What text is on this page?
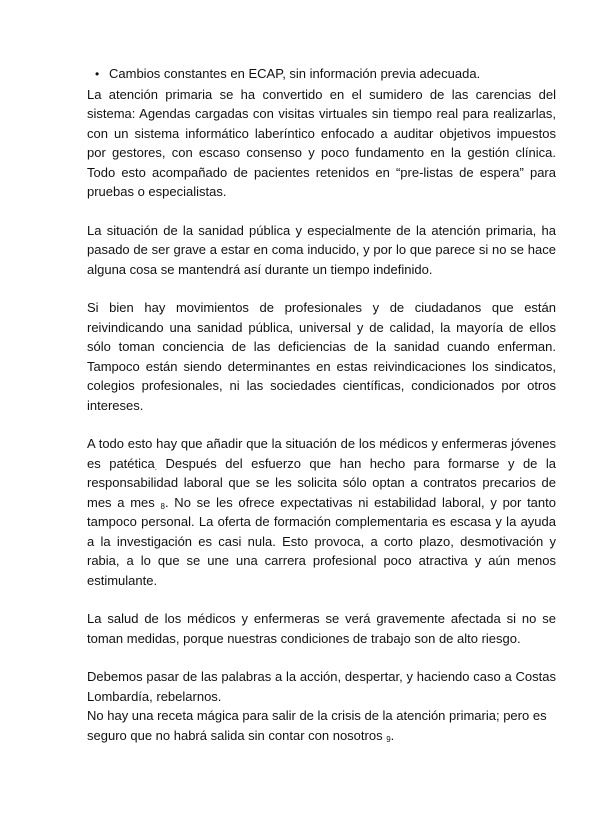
• Cambios constantes en ECAP, sin información previa adecuada.

La atención primaria se ha convertido en el sumidero de las carencias del sistema: Agendas cargadas con visitas virtuales sin tiempo real para realizarlas, con un sistema informático laberíntico enfocado a auditar objetivos impuestos por gestores, con escaso consenso y poco fundamento en la gestión clínica. Todo esto acompañado de pacientes retenidos en “pre-listas de espera” para pruebas o especialistas.

La situación de la sanidad pública y especialmente de la atención primaria, ha pasado de ser grave a estar en coma inducido, y por lo que parece si no se hace alguna cosa se mantendrá así durante un tiempo indefinido.

Si bien hay movimientos de profesionales y de ciudadanos que están reivindicando una sanidad pública, universal y de calidad, la mayoría de ellos sólo toman conciencia de las deficiencias de la sanidad cuando enferman. Tampoco están siendo determinantes en estas reivindicaciones los sindicatos, colegios profesionales, ni las sociedades científicas, condicionados por otros intereses.

A todo esto hay que añadir que la situación de los médicos y enfermeras jóvenes es patética$_.$ Después del esfuerzo que han hecho para formarse y de la responsabilidad laboral que se les solicita sólo optan a contratos precarios de mes a mes $_8$. No se les ofrece expectativas ni estabilidad laboral, y por tanto tampoco personal. La oferta de formación complementaria es escasa y la ayuda a la investigación es casi nula. Esto provoca, a corto plazo, desmotivación y rabia, a lo que se une una carrera profesional poco atractiva y aún menos estimulante.

La salud de los médicos y enfermeras se verá gravemente afectada si no se toman medidas, porque nuestras condiciones de trabajo son de alto riesgo.

Debemos pasar de las palabras a la acción, despertar, y haciendo caso a Costas Lombardía, rebelarnos.

No hay una receta mágica para salir de la crisis de la atención primaria; pero es seguro que no habrá salida sin contar con nosotros $_9$.
